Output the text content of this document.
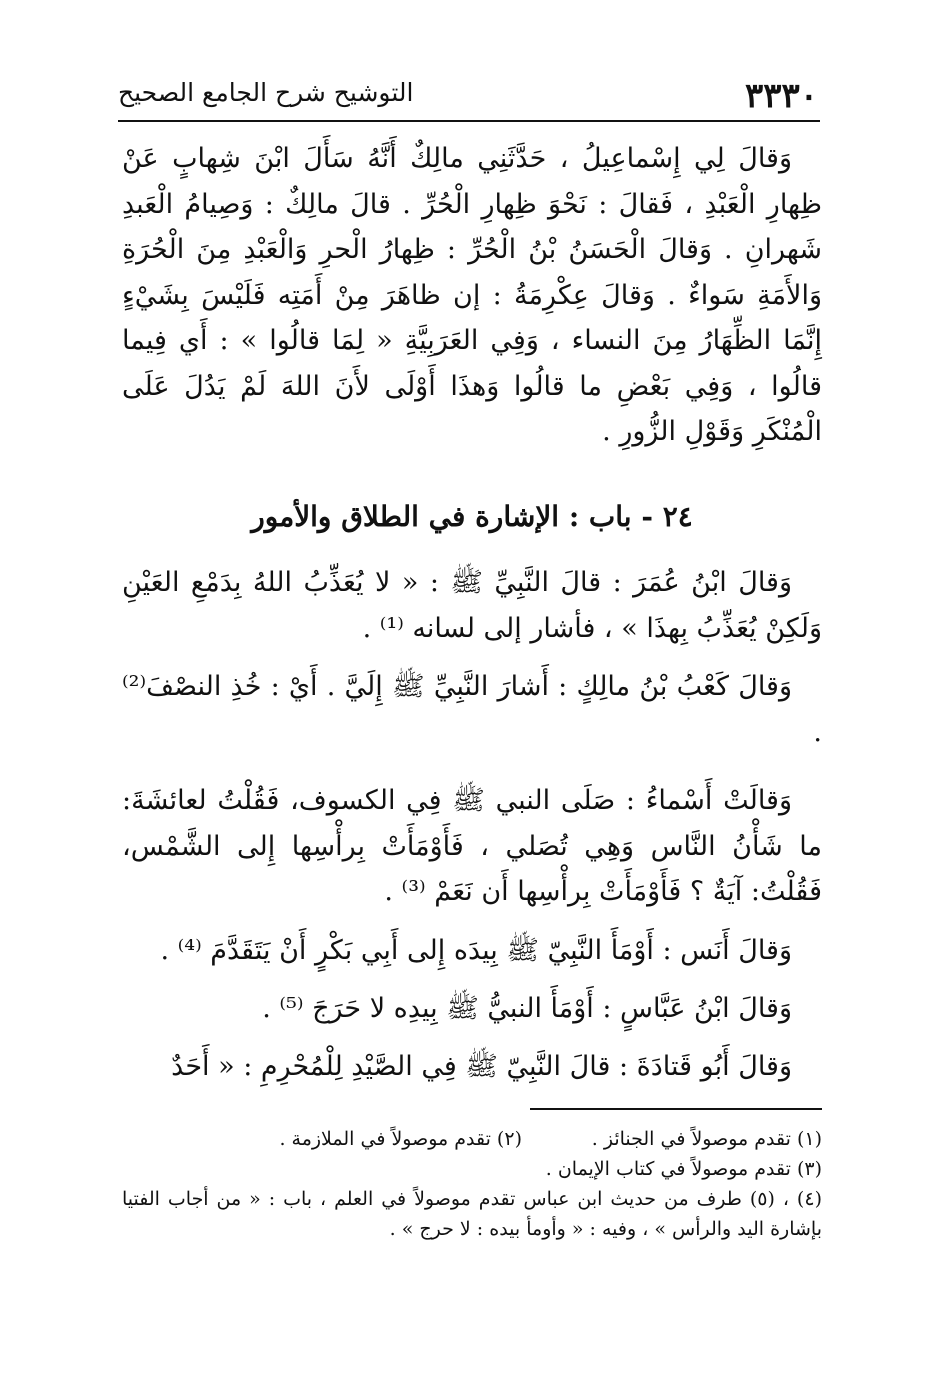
٣٣٣٠
التوشيح شرح الجامع الصحيح

وَقالَ لِي إِسْماعِيلُ ، حَدَّثَنِي مالِكٌ أَنَّهُ سَأَلَ ابْنَ شِهابٍ عَنْ ظِهارِ الْعَبْدِ ، فَقالَ : نَحْوَ ظِهارِ الْحُرِّ . قالَ مالِكٌ : وَصِيامُ الْعَبدِ شَهرانِ . وَقالَ الْحَسَنُ بْنُ الْحُرِّ : ظِهارُ الْحرِ وَالْعَبْدِ مِنَ الْحُرَةِ وَالأَمَةِ سَواءٌ . وَقالَ عِكْرِمَةُ : إن ظاهَرَ مِنْ أَمَتِه فَلَيْسَ بِشَيْءٍ إِنَّمَا الظِّهَارُ مِنَ النساء ، وَفِي العَرَبِيَّةِ « لِمَا قالُوا » : أَي فِيما قالُوا ، وَفِي بَعْضِ ما قالُوا وَهذَا أَوْلَى لأَنَ اللهَ لَمْ يَدُلَ عَلَى الْمُنْكَرِ وَقَوْلِ الزُّورِ .

٢٤ - باب : الإشارة في الطلاق والأمور

وَقالَ ابْنُ عُمَرَ : قالَ النَّبِيِّ ﷺ : « لا يُعَذِّبُ اللهُ بِدَمْعِ العَيْنِ وَلَكِنْ يُعَذِّبُ بِهذَا » ، فأشار إلى لسانه ⁽¹⁾ .

وَقالَ كَعْبُ بْنُ مالِكٍ : أَشارَ النَّبِيِّ ﷺ إِلَيَّ . أَيْ : خُذِ النصْفَ⁽²⁾ .

وَقالَتْ أَسْماءُ : صَلَى النبي ﷺ فِي الكسوف، فَقُلْتُ لعائشَةَ: ما شَأْنُ النَّاس وَهِي تُصَلي ، فَأَوْمَأَتْ بِرأْسِها إِلى الشَّمْس، فَقُلْتُ: آيَةٌ ؟ فَأَوْمَأَتْ بِرأْسِها أَن نَعَمْ ⁽³⁾ .

وَقالَ أَنَس : أَوْمَأَ النَّبِيّ ﷺ بِيدَه إِلى أَبِي بَكْرٍ أَنْ يَتَقَدَّمَ ⁽⁴⁾ .

وَقالَ ابْنُ عَبَّاسٍ : أَوْمَأَ النبيُّ ﷺ بِيدِه لا حَرَجَ ⁽⁵⁾ .

وَقالَ أَبُو قَتادَةَ : قالَ النَّبِيّ ﷺ فِي الصَّيْدِ لِلْمُحْرِمِ : « أَحَدٌ

(١) تقدم موصولاً في الجنائز .
(٢) تقدم موصولاً في الملازمة .
(٣) تقدم موصولاً في كتاب الإيمان .
(٤) ، (٥) طرف من حديث ابن عباس تقدم موصولاً في العلم ، باب : « من أجاب الفتيا بإشارة اليد والرأس » ، وفيه : « وأومأ بيده : لا حرج » .
